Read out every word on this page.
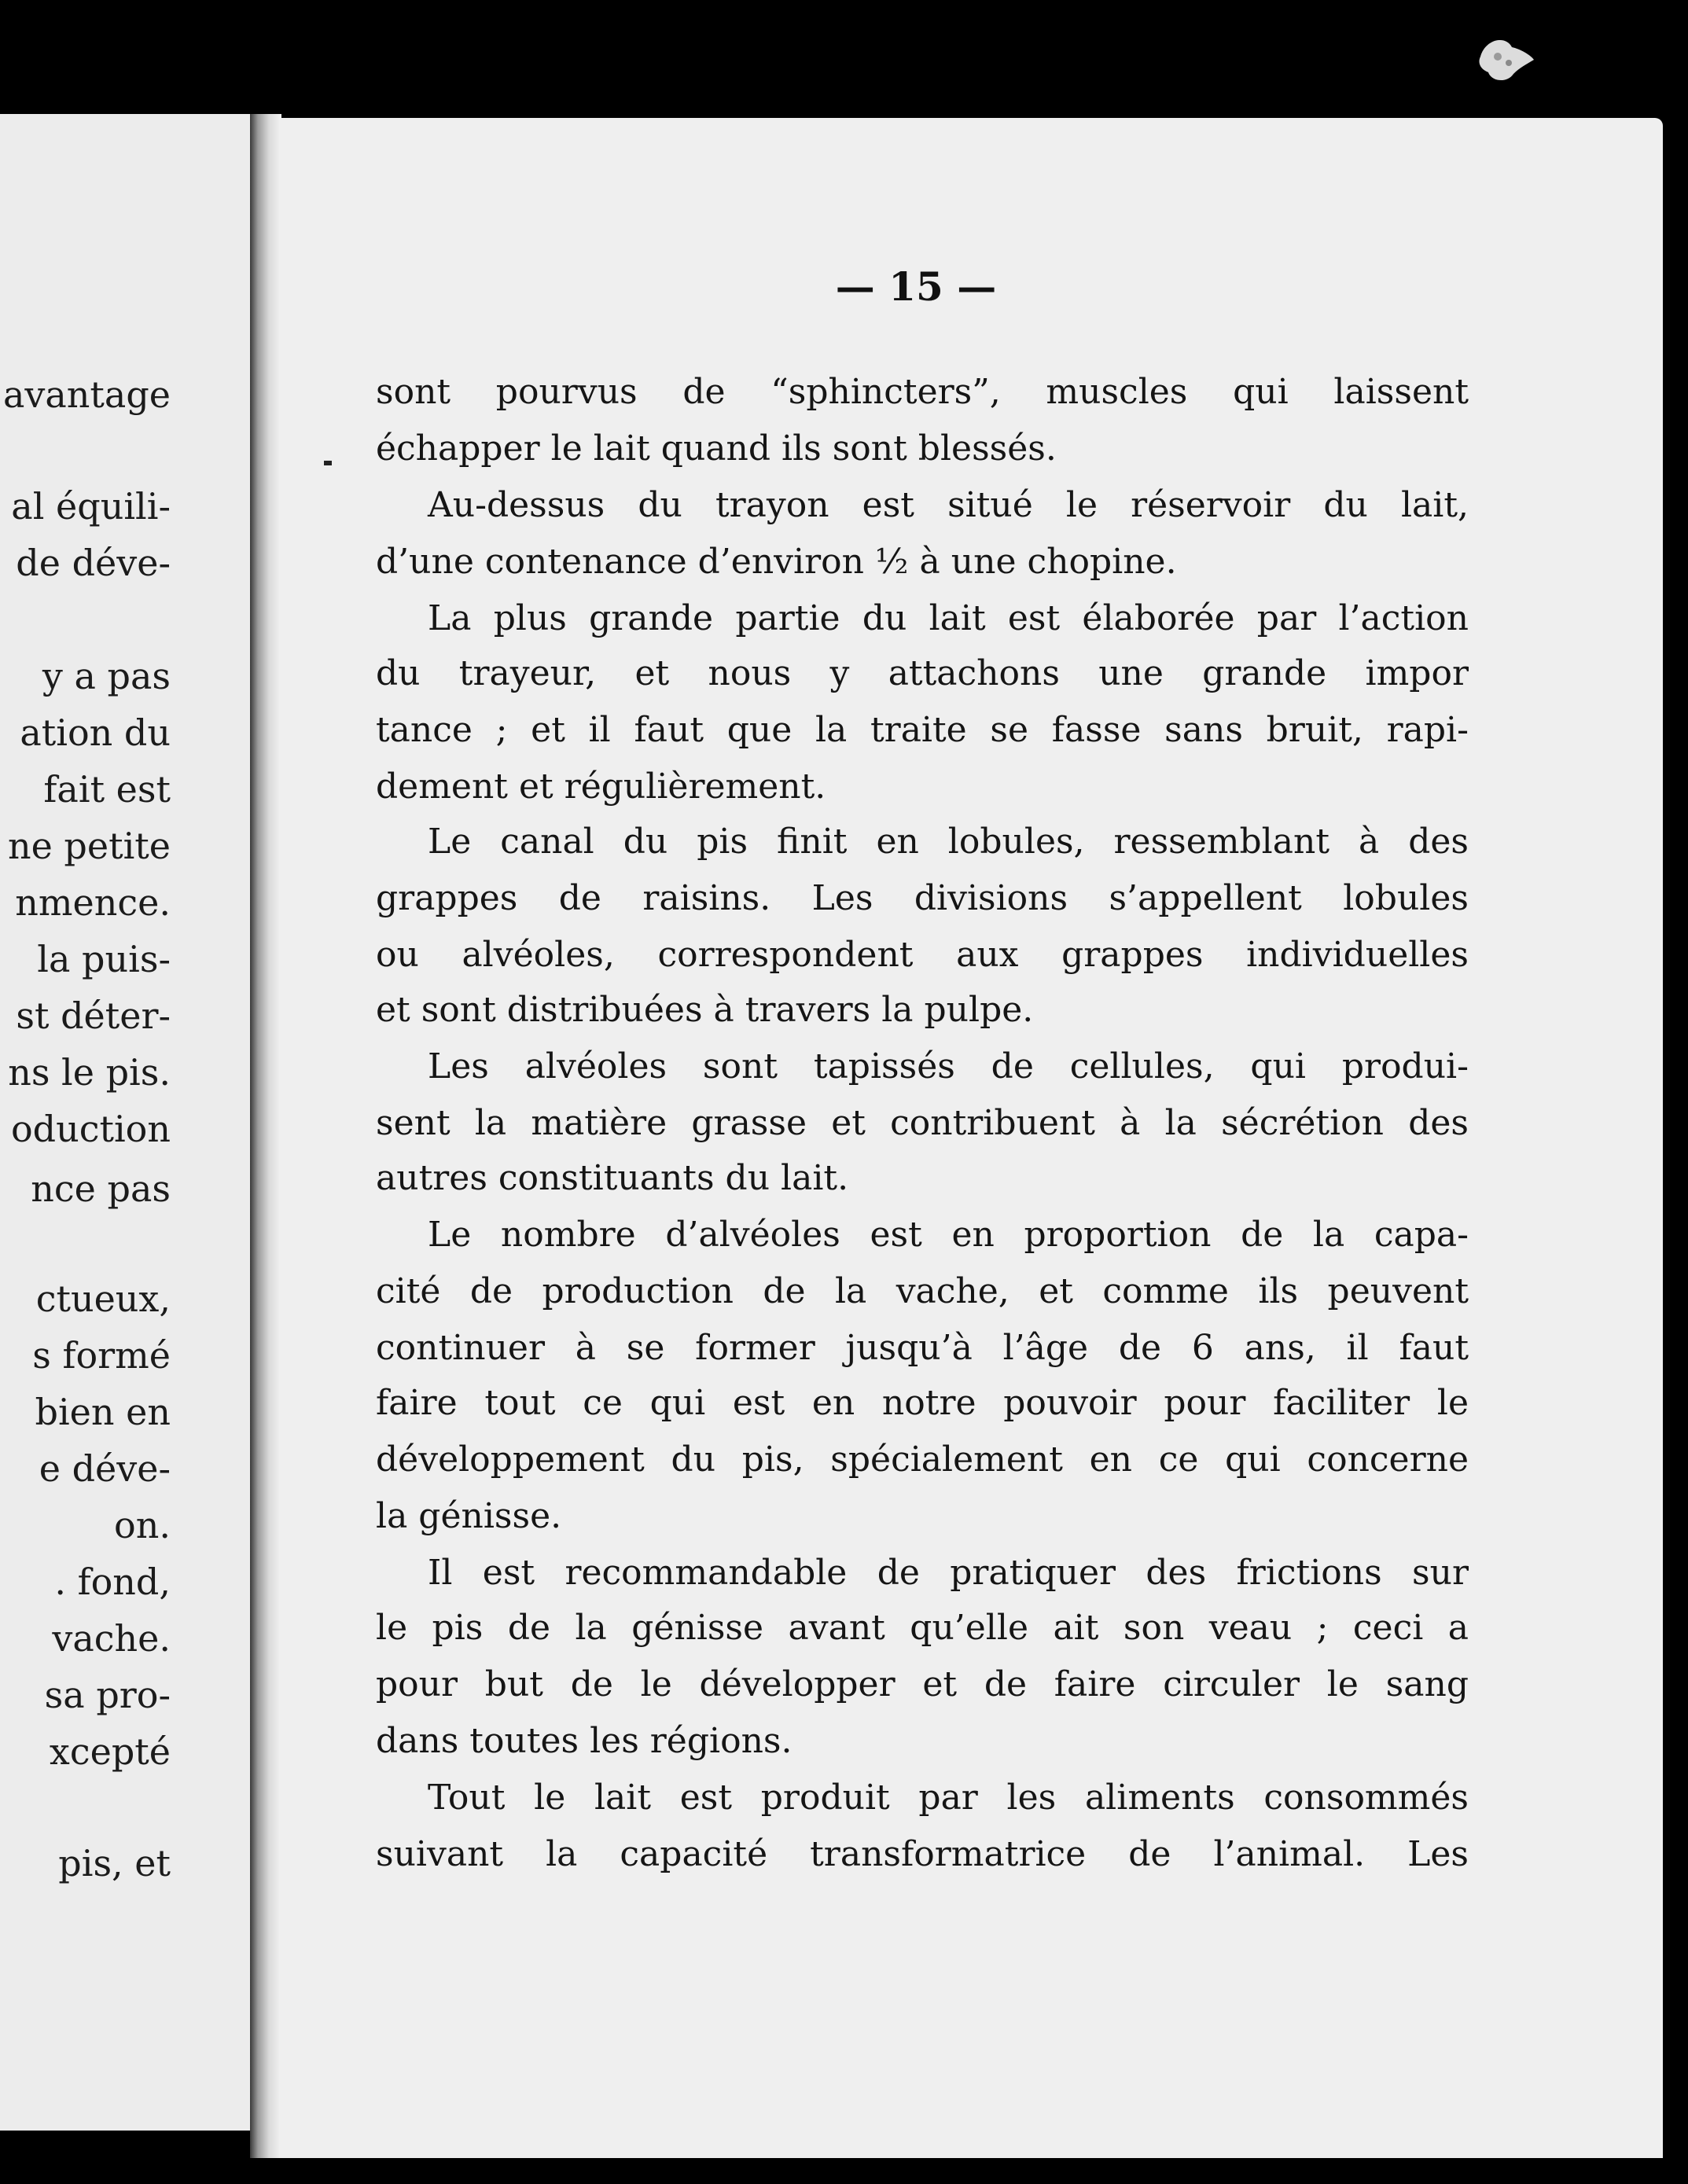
avantage
al équili-
de déve-
y a pas
ation du
fait est
ne petite
nmence.
la puis-
st déter-
ns le pis.
oduction
nce pas
ctueux,
s formé
bien en
e déve-
on.
. fond,
vache.
sa pro-
xcepté
pis, et
— 15 —
sont pourvus de “sphincters”, muscles qui laissent
échapper le lait quand ils sont blessés.
Au-dessus du trayon est situé le réservoir du lait,
d’une contenance d’environ ½ à une chopine.
La plus grande partie du lait est élaborée par l’action
du trayeur, et nous y attachons une grande impor
tance ; et il faut que la traite se fasse sans bruit, rapi-
dement et régulièrement.
Le canal du pis finit en lobules, ressemblant à des
grappes de raisins. Les divisions s’appellent lobules
ou alvéoles, correspondent aux grappes individuelles
et sont distribuées à travers la pulpe.
Les alvéoles sont tapissés de cellules, qui produi-
sent la matière grasse et contribuent à la sécrétion des
autres constituants du lait.
Le nombre d’alvéoles est en proportion de la capa-
cité de production de la vache, et comme ils peuvent
continuer à se former jusqu’à l’âge de 6 ans, il faut
faire tout ce qui est en notre pouvoir pour faciliter le
développement du pis, spécialement en ce qui concerne
la génisse.
Il est recommandable de pratiquer des frictions sur
le pis de la génisse avant qu’elle ait son veau ; ceci a
pour but de le développer et de faire circuler le sang
dans toutes les régions.
Tout le lait est produit par les aliments consommés
suivant la capacité transformatrice de l’animal. Les
